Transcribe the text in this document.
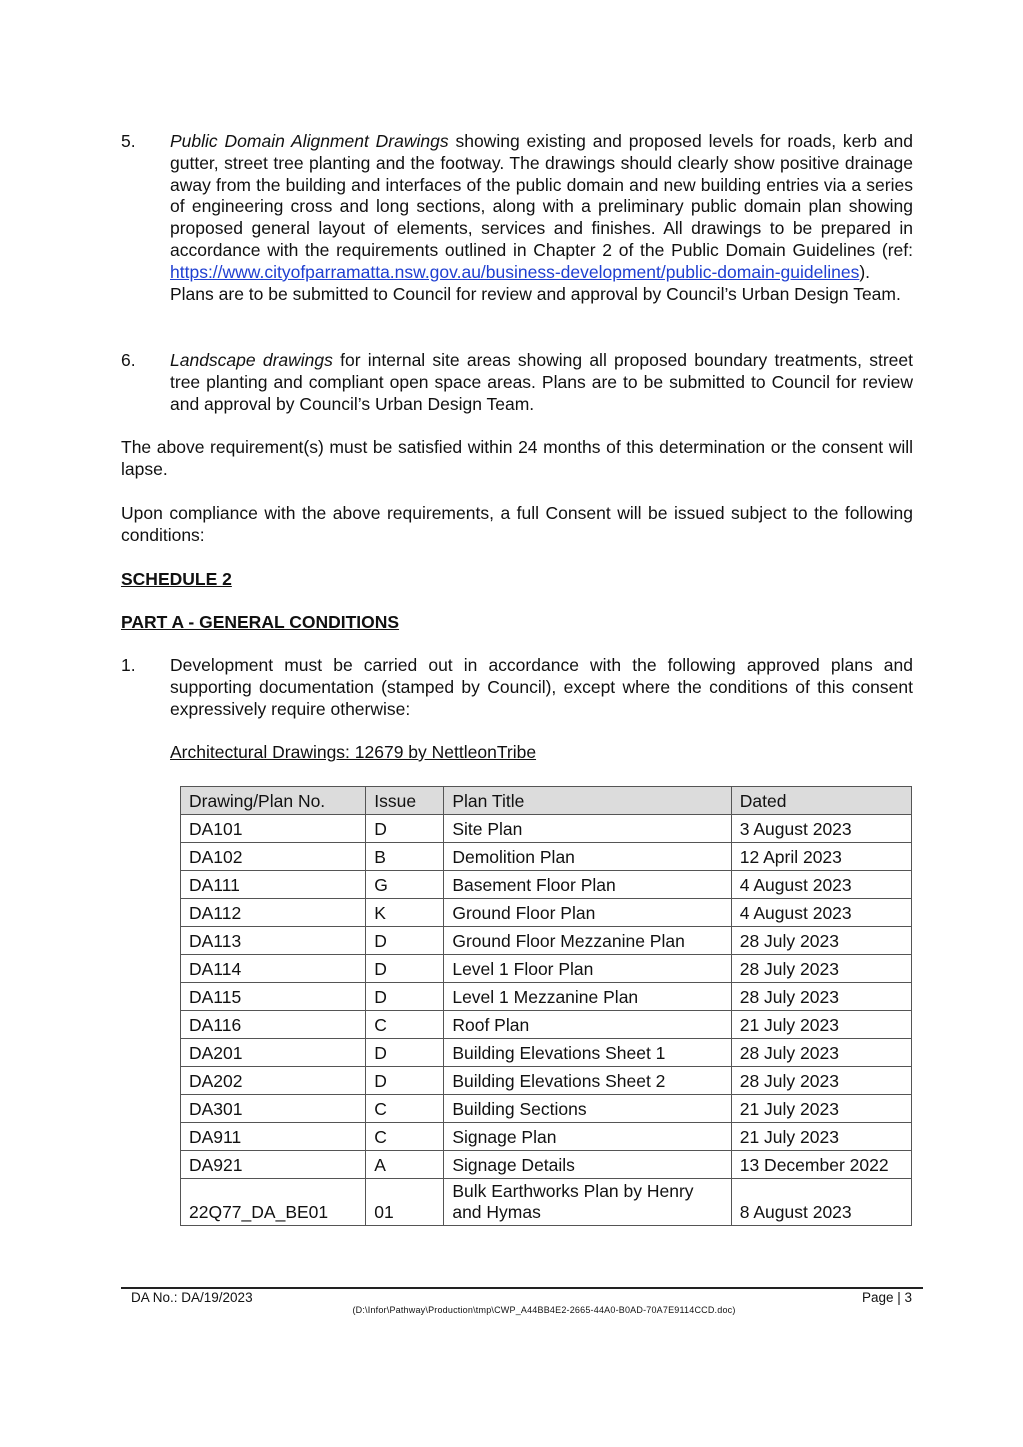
5.	Public Domain Alignment Drawings showing existing and proposed levels for roads, kerb and gutter, street tree planting and the footway. The drawings should clearly show positive drainage away from the building and interfaces of the public domain and new building entries via a series of engineering cross and long sections, along with a preliminary public domain plan showing proposed general layout of elements, services and finishes. All drawings to be prepared in accordance with the requirements outlined in Chapter 2 of the Public Domain Guidelines (ref: https://www.cityofparramatta.nsw.gov.au/business-development/public-domain-guidelines). Plans are to be submitted to Council for review and approval by Council’s Urban Design Team.
6.	Landscape drawings for internal site areas showing all proposed boundary treatments, street tree planting and compliant open space areas. Plans are to be submitted to Council for review and approval by Council’s Urban Design Team.
The above requirement(s) must be satisfied within 24 months of this determination or the consent will lapse.
Upon compliance with the above requirements, a full Consent will be issued subject to the following conditions:
SCHEDULE 2
PART A - GENERAL CONDITIONS
1.	Development must be carried out in accordance with the following approved plans and supporting documentation (stamped by Council), except where the conditions of this consent expressively require otherwise:
Architectural Drawings: 12679 by NettleonTribe
Drawing/Plan No.	Issue	Plan Title	Dated
DA101	D	Site Plan	3 August 2023
DA102	B	Demolition Plan	12 April 2023
DA111	G	Basement Floor Plan	4 August 2023
DA112	K	Ground Floor Plan	4 August 2023
DA113	D	Ground Floor Mezzanine Plan	28 July 2023
DA114	D	Level 1 Floor Plan	28 July 2023
DA115	D	Level 1 Mezzanine Plan	28 July 2023
DA116	C	Roof Plan	21 July 2023
DA201	D	Building Elevations Sheet 1	28 July 2023
DA202	D	Building Elevations Sheet 2	28 July 2023
DA301	C	Building Sections	21 July 2023
DA911	C	Signage Plan	21 July 2023
DA921	A	Signage Details	13 December 2022
22Q77_DA_BE01	01	Bulk Earthworks Plan by Henry and Hymas	8 August 2023
DA No.: DA/19/2023	Page | 3
(D:\Infor\Pathway\Production\tmp\CWP_A44BB4E2-2665-44A0-B0AD-70A7E9114CCD.doc)
